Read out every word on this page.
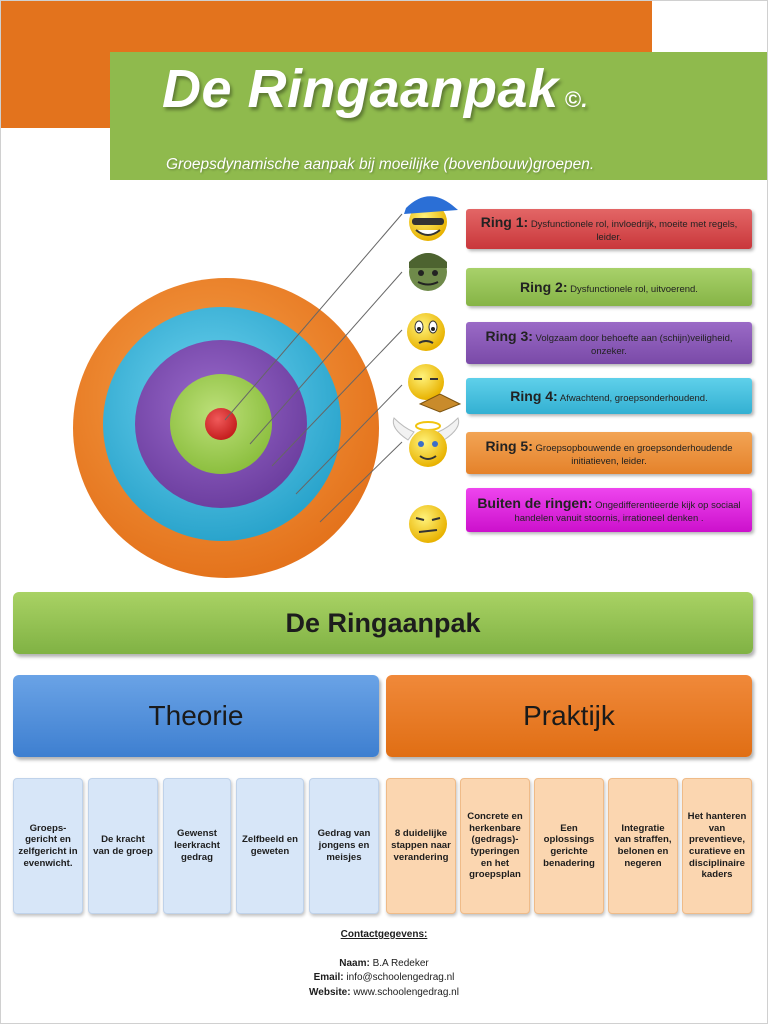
De Ringaanpak ©.
Groepsdynamische aanpak bij moeilijke (bovenbouw)groepen.
Ring 1: Dysfunctionele rol, invloedrijk, moeite met regels, leider.
Ring 2: Dysfunctionele rol, uitvoerend.
Ring 3: Volgzaam door behoefte aan (schijn)veiligheid, onzeker.
Ring 4: Afwachtend, groepsonderhoudend.
Ring 5: Groepsopbouwende en groepsonderhoudende initiatieven, leider.
Buiten de ringen: Ongedifferentieerde kijk op sociaal handelen vanuit stoornis, irrationeel denken .
De Ringaanpak
Theorie	Praktijk
Groeps-gericht en zelfgericht in evenwicht.
De kracht van de groep
Gewenst leerkracht gedrag
Zelfbeeld en geweten
Gedrag van jongens en meisjes
8 duidelijke stappen naar verandering
Concrete en herkenbare (gedrags)-typeringen en het groepsplan
Een oplossings gerichte benadering
Integratie van straffen, belonen en negeren
Het hanteren van preventieve, curatieve en disciplinaire kaders
Contactgegevens:
Naam: B.A Redeker
Email: info@schoolengedrag.nl
Website: www.schoolengedrag.nl
